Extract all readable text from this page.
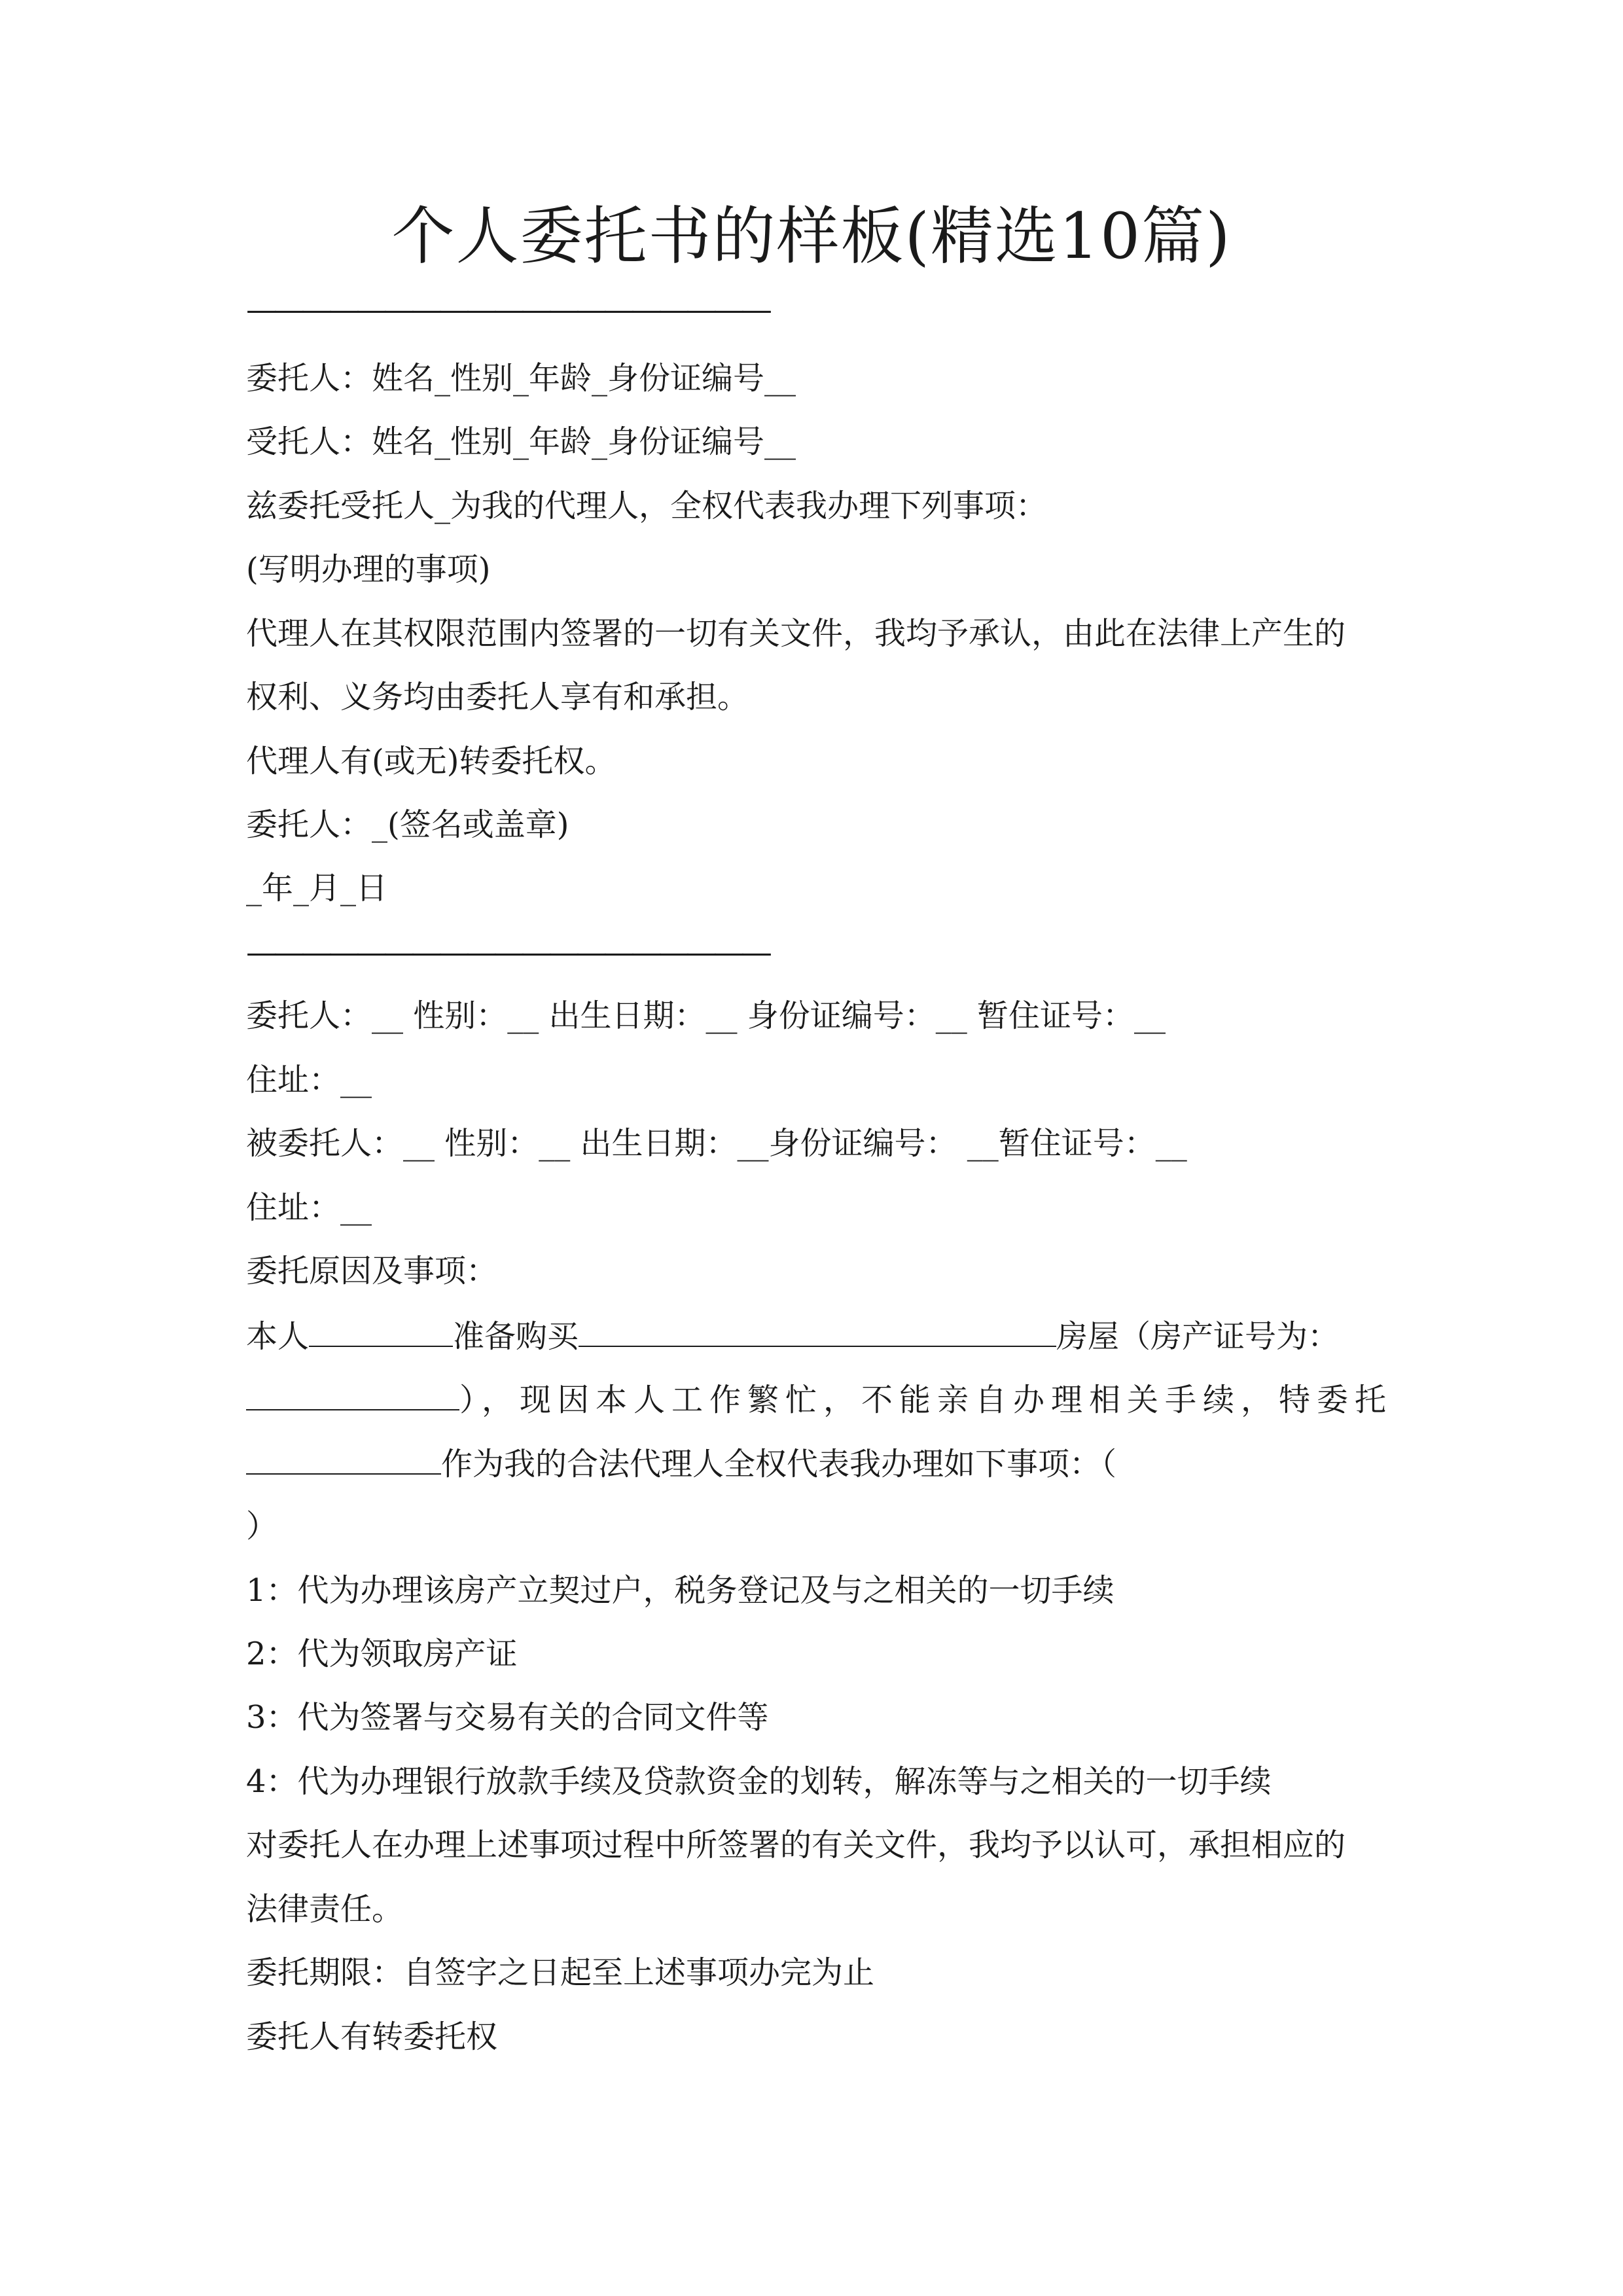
个人委托书的样板(精选10篇)
———————————————————
委托人：姓名_性别_年龄_身份证编号__
受托人：姓名_性别_年龄_身份证编号__
兹委托受托人_为我的代理人，全权代表我办理下列事项：
(写明办理的事项)
代理人在其权限范围内签署的一切有关文件，我均予承认，由此在法律上产生的
权利、义务均由委托人享有和承担。
代理人有(或无)转委托权。
委托人：_(签名或盖章)
_年_月_日
———————————————————
委托人：__ 性别：__ 出生日期：__ 身份证编号：__ 暂住证号：__
住址：__
被委托人：__ 性别：__ 出生日期：__身份证编号： __暂住证号：__
住址：__
委托原因及事项：
本人	准备购买	房屋（房产证号为：
），现因本人工作繁忙，不能亲自办理相关手续，特委托
作为我的合法代理人全权代表我办理如下事项：（
）
1：代为办理该房产立契过户，税务登记及与之相关的一切手续
2：代为领取房产证
3：代为签署与交易有关的合同文件等
4：代为办理银行放款手续及贷款资金的划转，解冻等与之相关的一切手续
对委托人在办理上述事项过程中所签署的有关文件，我均予以认可，承担相应的
法律责任。
委托期限：自签字之日起至上述事项办完为止
委托人有转委托权
